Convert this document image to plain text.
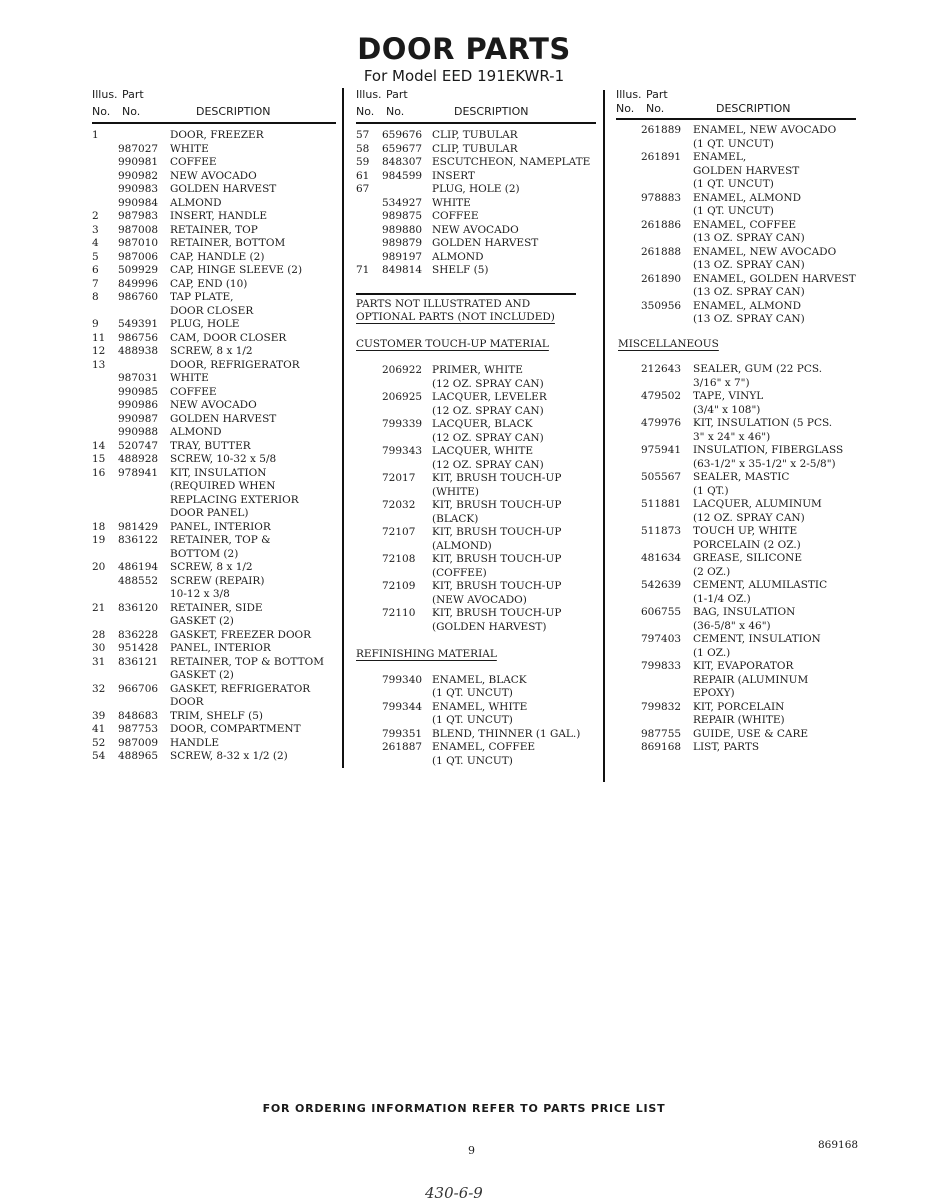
DOOR PARTS
For Model EED 191EKWR-1
Illus. Part
No. No.	DESCRIPTION
1	DOOR, FREEZER
987027 WHITE
990981 COFFEE
990982 NEW AVOCADO
990983 GOLDEN HARVEST
990984 ALMOND
2 987983 INSERT, HANDLE
3 987008 RETAINER, TOP
4 987010 RETAINER, BOTTOM
5 987006 CAP, HANDLE (2)
6 509929 CAP, HINGE SLEEVE (2)
7 849996 CAP, END (10)
8 986760 TAP PLATE,
DOOR CLOSER
9 549391 PLUG, HOLE
11 986756 CAM, DOOR CLOSER
12 488938 SCREW, 8 x 1/2
13	DOOR, REFRIGERATOR
987031 WHITE
990985 COFFEE
990986 NEW AVOCADO
990987 GOLDEN HARVEST
990988 ALMOND
14 520747 TRAY, BUTTER
15 488928 SCREW, 10-32 x 5/8
16 978941 KIT, INSULATION
(REQUIRED WHEN
REPLACING EXTERIOR
DOOR PANEL)
18 981429 PANEL, INTERIOR
19 836122 RETAINER, TOP &
BOTTOM (2)
20 486194 SCREW, 8 x 1/2
488552 SCREW (REPAIR)
10-12 x 3/8
21 836120 RETAINER, SIDE
GASKET (2)
28 836228 GASKET, FREEZER DOOR
30 951428 PANEL, INTERIOR
31 836121 RETAINER, TOP & BOTTOM
GASKET (2)
32 966706 GASKET, REFRIGERATOR
DOOR
39 848683 TRIM, SHELF (5)
41 987753 DOOR, COMPARTMENT
52 987009 HANDLE
54 488965 SCREW, 8-32 x 1/2 (2)
Illus. Part
No. No.	DESCRIPTION
57 659676 CLIP, TUBULAR
58 659677 CLIP, TUBULAR
59 848307 ESCUTCHEON, NAMEPLATE
61 984599 INSERT
67	PLUG, HOLE (2)
534927 WHITE
989875 COFFEE
989880 NEW AVOCADO
989879 GOLDEN HARVEST
989197 ALMOND
71 849814 SHELF (5)
PARTS NOT ILLUSTRATED AND
OPTIONAL PARTS (NOT INCLUDED)
CUSTOMER TOUCH-UP MATERIAL
206922 PRIMER, WHITE
(12 OZ. SPRAY CAN)
206925 LACQUER, LEVELER
(12 OZ. SPRAY CAN)
799339 LACQUER, BLACK
(12 OZ. SPRAY CAN)
799343 LACQUER, WHITE
(12 OZ. SPRAY CAN)
72017 KIT, BRUSH TOUCH-UP
(WHITE)
72032 KIT, BRUSH TOUCH-UP
(BLACK)
72107 KIT, BRUSH TOUCH-UP
(ALMOND)
72108 KIT, BRUSH TOUCH-UP
(COFFEE)
72109 KIT, BRUSH TOUCH-UP
(NEW AVOCADO)
72110 KIT, BRUSH TOUCH-UP
(GOLDEN HARVEST)
REFINISHING MATERIAL
799340 ENAMEL, BLACK
(1 QT. UNCUT)
799344 ENAMEL, WHITE
(1 QT. UNCUT)
799351 BLEND, THINNER (1 GAL.)
261887 ENAMEL, COFFEE
(1 QT. UNCUT)
Illus. Part
No. No.	DESCRIPTION
261889 ENAMEL, NEW AVOCADO
(1 QT. UNCUT)
261891 ENAMEL,
GOLDEN HARVEST
(1 QT. UNCUT)
978883 ENAMEL, ALMOND
(1 QT. UNCUT)
261886 ENAMEL, COFFEE
(13 OZ. SPRAY CAN)
261888 ENAMEL, NEW AVOCADO
(13 OZ. SPRAY CAN)
261890 ENAMEL, GOLDEN HARVEST
(13 OZ. SPRAY CAN)
350956 ENAMEL, ALMOND
(13 OZ. SPRAY CAN)
MISCELLANEOUS
212643 SEALER, GUM (22 PCS.
3/16" x 7")
479502 TAPE, VINYL
(3/4" x 108")
479976 KIT, INSULATION (5 PCS.
3" x 24" x 46")
975941 INSULATION, FIBERGLASS
(63-1/2" x 35-1/2" x 2-5/8")
505567 SEALER, MASTIC
(1 QT.)
511881 LACQUER, ALUMINUM
(12 OZ. SPRAY CAN)
511873 TOUCH UP, WHITE
PORCELAIN (2 OZ.)
481634 GREASE, SILICONE
(2 OZ.)
542639 CEMENT, ALUMILASTIC
(1-1/4 OZ.)
606755 BAG, INSULATION
(36-5/8" x 46")
797403 CEMENT, INSULATION
(1 OZ.)
799833 KIT, EVAPORATOR
REPAIR (ALUMINUM
EPOXY)
799832 KIT, PORCELAIN
REPAIR (WHITE)
987755 GUIDE, USE & CARE
869168 LIST, PARTS
FOR ORDERING INFORMATION REFER TO PARTS PRICE LIST
9	869168
430-6-9
